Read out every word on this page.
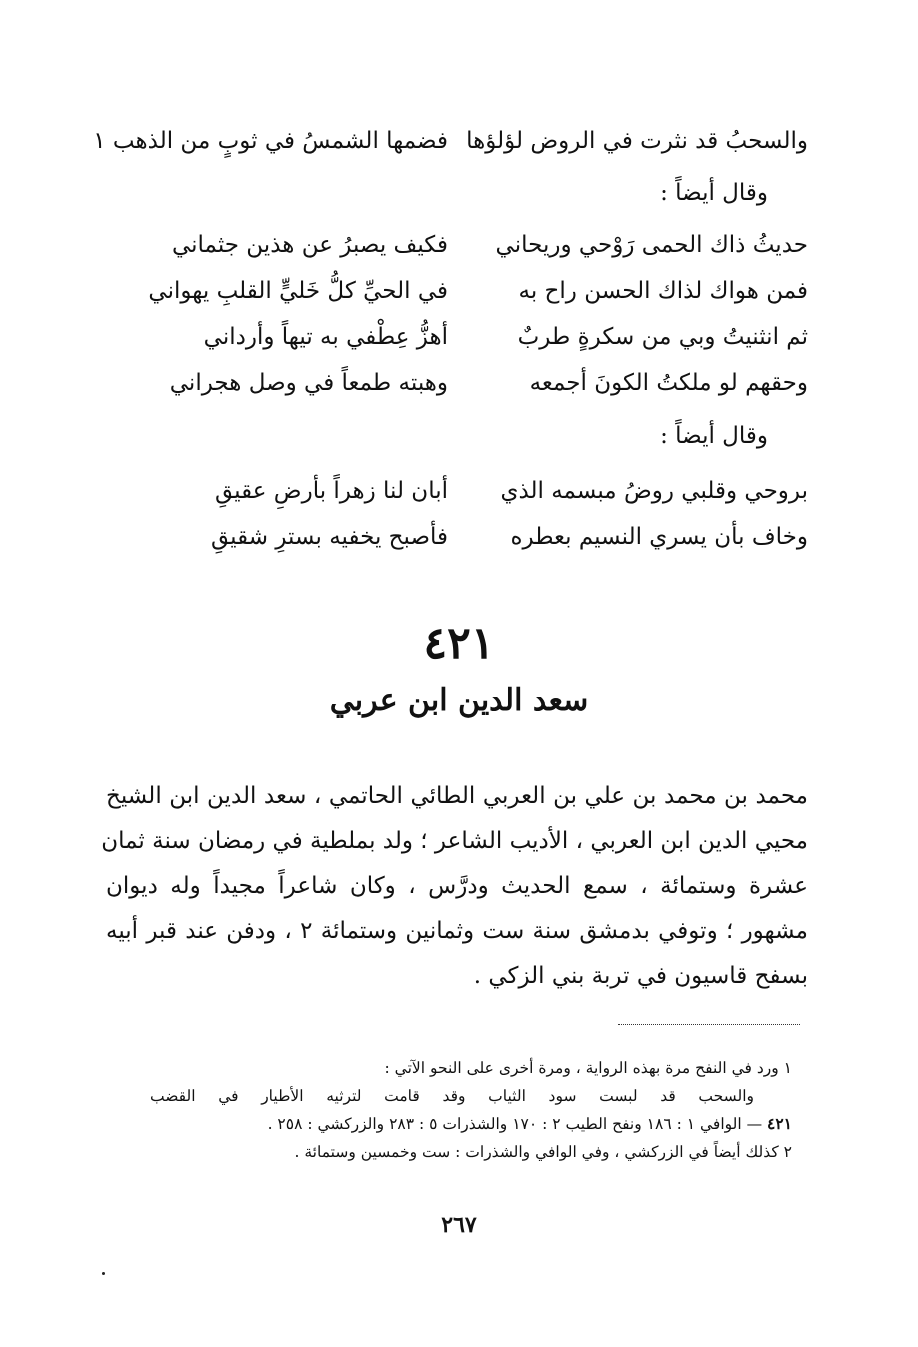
والسحبُ قد نثرت في الروض لؤلؤها
فضمها الشمسُ في ثوبٍ من الذهب ١
وقال أيضاً :
حديثُ ذاك الحمى رَوْحي وريحاني
فكيف يصبرُ عن هذين جثماني
فمن هواك لذاك الحسن راح به
في الحيِّ كلُّ خَليٍّ القلبِ يهواني
ثم انثنيتُ وبي من سكرةٍ طربٌ
أهزُّ عِطْفي به تيهاً وأرداني
وحقهم لو ملكتُ الكونَ أجمعه
وهبته طمعاً في وصل هجراني
وقال أيضاً :
بروحي وقلبي روضُ مبسمه الذي
أبان لنا زهراً بأرضِ عقيقِ
وخاف بأن يسري النسيم بعطره
فأصبح يخفيه بسترِ شقيقِ
٤٢١
سعد الدين ابن عربي
محمد بن محمد بن علي بن العربي الطائي الحاتمي ، سعد الدين ابن الشيخ
محيي الدين ابن العربي ، الأديب الشاعر ؛ ولد بملطية في رمضان سنة ثمان
عشرة وستمائة ، سمع الحديث ودرَّس ، وكان شاعراً مجيداً وله ديوان
مشهور ؛ وتوفي بدمشق سنة ست وثمانين وستمائة ٢ ، ودفن عند قبر أبيه
بسفح قاسيون في تربة بني الزكي .
١ ورد في النفح مرة بهذه الرواية ، ومرة أخرى على النحو الآتي :
والسحب قد لبست سود الثياب وقد قامت لترثيه الأطيار في القضب
٤٢١ — الوافي ١ : ١٨٦ ونفح الطيب ٢ : ١٧٠ والشذرات ٥ : ٢٨٣ والزركشي : ٢٥٨ .
٢ كذلك أيضاً في الزركشي ، وفي الوافي والشذرات : ست وخمسين وستمائة .
٢٦٧
